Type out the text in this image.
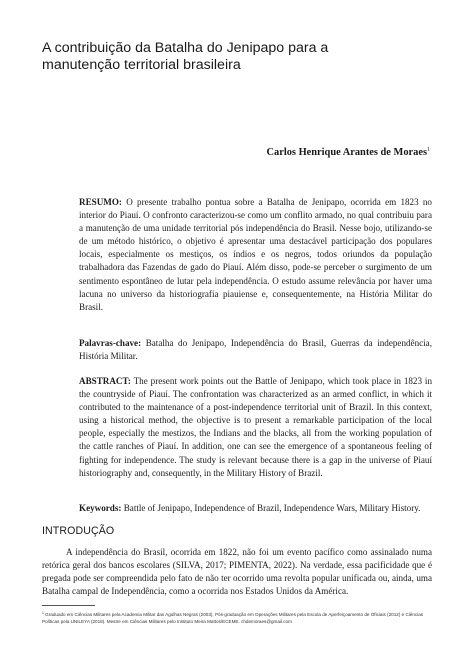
A contribuição da Batalha do Jenipapo para a manutenção territorial brasileira
Carlos Henrique Arantes de Moraes$^1$

RESUMO: O presente trabalho pontua sobre a Batalha de Jenipapo, ocorrida em 1823 no interior do Piauí. O confronto caracterizou-se como um conflito armado, no qual contribuiu para a manutenção de uma unidade territorial pós independência do Brasil. Nesse bojo, utilizando-se de um método histórico, o objetivo é apresentar uma destacável participação dos populares locais, especialmente os mestiços, os índios e os negros, todos oriundos da população trabalhadora das Fazendas de gado do Piauí. Além disso, pode-se perceber o surgimento de um sentimento espontâneo de lutar pela independência. O estudo assume relevância por haver uma lacuna no universo da historiografia piauiense e, consequentemente, na História Militar do Brasil.

Palavras-chave: Batalha do Jenipapo, Independência do Brasil, Guerras da independência, História Militar.

ABSTRACT: The present work points out the Battle of Jenipapo, which took place in 1823 in the countryside of Piauí. The confrontation was characterized as an armed conflict, in which it contributed to the maintenance of a post-independence territorial unit of Brazil. In this context, using a historical method, the objective is to present a remarkable participation of the local people, especially the mestizos, the Indians and the blacks, all from the working population of the cattle ranches of Piauí. In addition, one can see the emergence of a spontaneous feeling of fighting for independence. The study is relevant because there is a gap in the universe of Piauí historiography and, consequently, in the Military History of Brazil.

Keywords: Battle of Jenipapo, Independence of Brazil, Independence Wars, Military History.

INTRODUÇÃO

A independência do Brasil, ocorrida em 1822, não foi um evento pacífico como assinalado numa retórica geral dos bancos escolares (SILVA, 2017; PIMENTA, 2022). Na verdade, essa pacificidade que é pregada pode ser compreendida pelo fato de não ter ocorrido uma revolta popular unificada ou, ainda, uma Batalha campal de Independência, como a ocorrida nos Estados Unidos da América.

$^1$ Graduado em Ciências Militares pela Academia Militar das Agulhas Negras (2003), Pós-graduação em Operações Militares pela Escola de Aperfeiçoamento de Oficiais (2012) e Ciências Políticas pela UNILEYA (2018). Mestre em Ciências Militares pelo Instituto Meira Mattos/ECEME. chdemoraes@gmail.com
